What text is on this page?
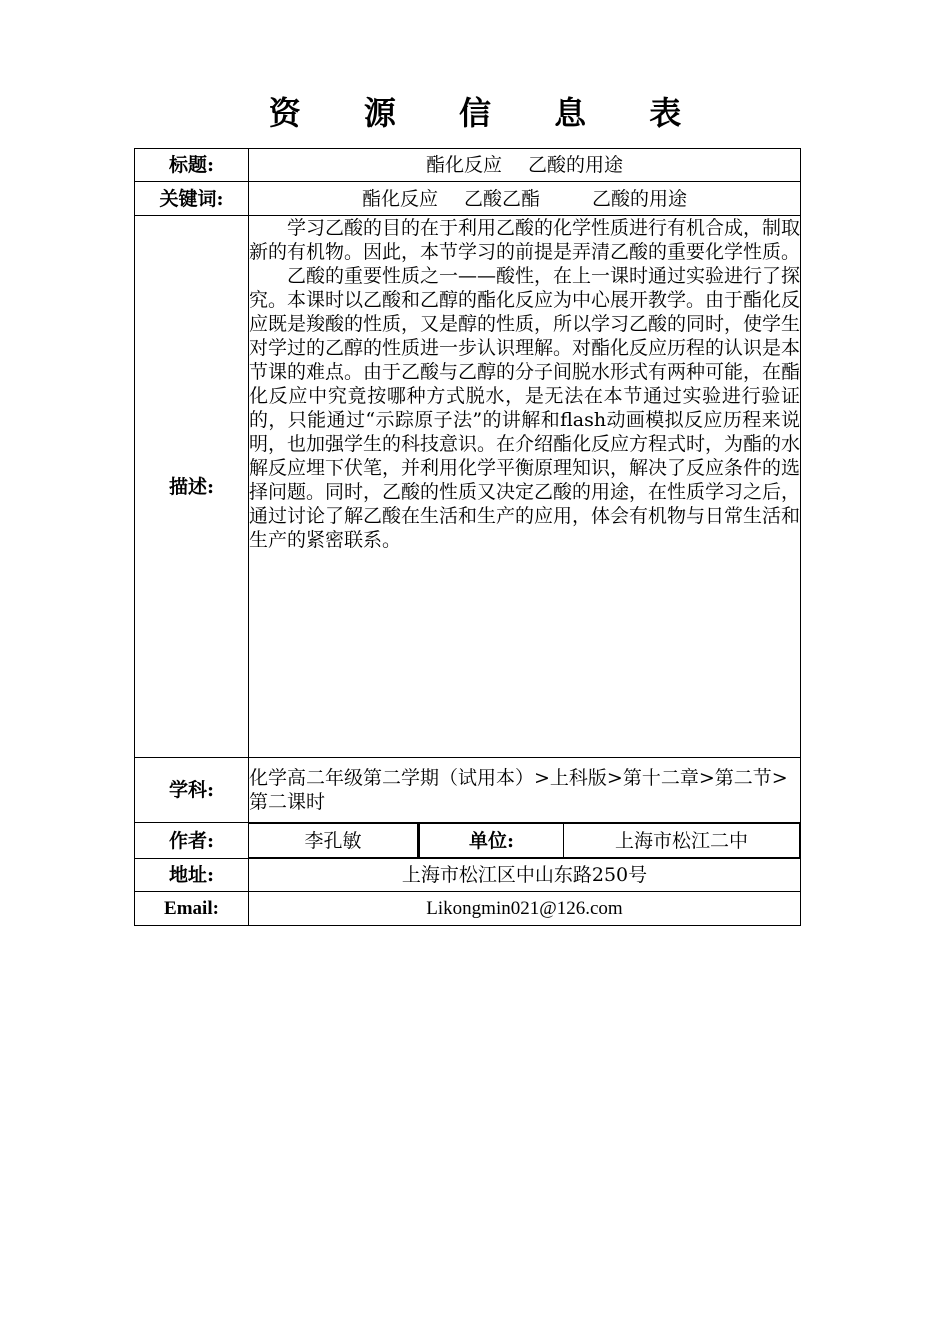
资 源 信 息 表
标题:	酯化反应 乙酸的用途
关键词:	酯化反应 乙酸乙酯	乙酸的用途
描述:	

学习乙酸的目的在于利用乙酸的化学性质进行有机合成，制取新的有机物。因此，本节学习的前提是弄清乙酸的重要化学性质。

乙酸的重要性质之一——酸性，在上一课时通过实验进行了探究。本课时以乙酸和乙醇的酯化反应为中心展开教学。由于酯化反应既是羧酸的性质，又是醇的性质，所以学习乙酸的同时，使学生对学过的乙醇的性质进一步认识理解。对酯化反应历程的认识是本节课的难点。由于乙酸与乙醇的分子间脱水形式有两种可能，在酯化反应中究竟按哪种方式脱水，是无法在本节通过实验进行验证的，只能通过“示踪原子法”的讲解和flash动画模拟反应历程来说明，也加强学生的科技意识。在介绍酯化反应方程式时，为酯的水解反应埋下伏笔，并利用化学平衡原理知识，解决了反应条件的选择问题。同时，乙酸的性质又决定乙酸的用途，在性质学习之后，通过讨论了解乙酸在生活和生产的应用，体会有机物与日常生活和生产的紧密联系。

学科:	化学高二年级第二学期（试用本）>上科版>第十二章>第二节>第二课时
作者:		李孔敏	单位:	上海市松江二中

地址:	上海市松江区中山东路250号
Email:	Likongmin021@126.com
